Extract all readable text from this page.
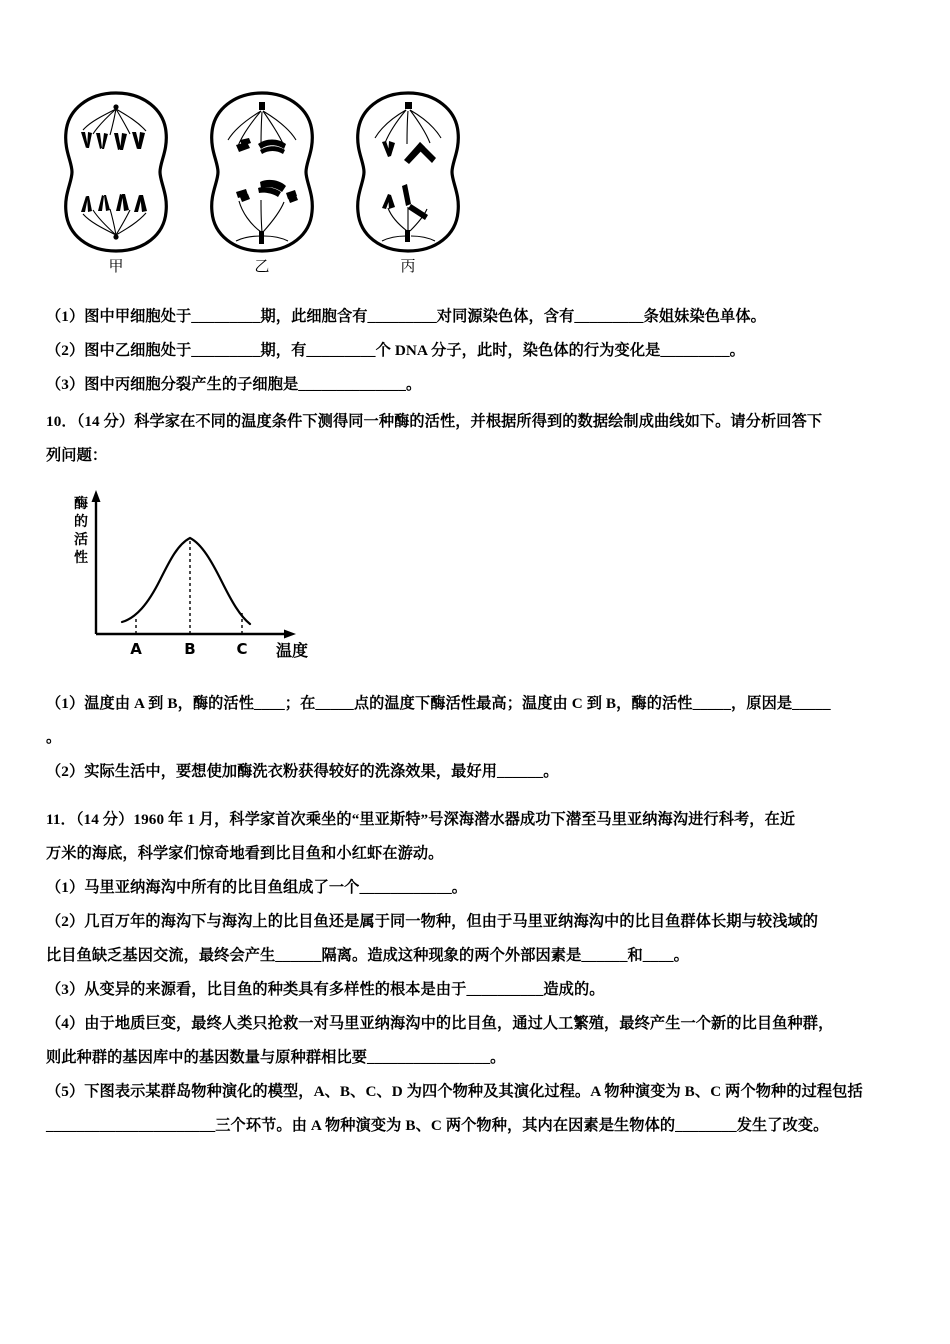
甲	乙	丙
（1）图中甲细胞处于_________期，此细胞含有_________对同源染色体，含有_________条姐妹染色单体。
（2）图中乙细胞处于_________期，有_________个 DNA 分子，此时，染色体的行为变化是_________。
（3）图中丙细胞分裂产生的子细胞是______________。
10．（14 分）科学家在不同的温度条件下测得同一种酶的活性，并根据所得到的数据绘制成曲线如下。请分析回答下
列问题：
酶
的
活
性
A	B	C 温度
（1）温度由 A 到 B，酶的活性____；在_____点的温度下酶活性最高；温度由 C 到 B，酶的活性_____，原因是_____
。
（2）实际生活中，要想使加酶洗衣粉获得较好的洗涤效果，最好用______。
11．（14 分）1960 年 1 月，科学家首次乘坐的“里亚斯特”号深海潜水器成功下潜至马里亚纳海沟进行科考，在近
万米的海底，科学家们惊奇地看到比目鱼和小红虾在游动。
（1）马里亚纳海沟中所有的比目鱼组成了一个____________。
（2）几百万年的海沟下与海沟上的比目鱼还是属于同一物种，但由于马里亚纳海沟中的比目鱼群体长期与较浅域的
比目鱼缺乏基因交流，最终会产生______隔离。造成这种现象的两个外部因素是______和____。
（3）从变异的来源看，比目鱼的种类具有多样性的根本是由于__________造成的。
（4）由于地质巨变，最终人类只抢救一对马里亚纳海沟中的比目鱼，通过人工繁殖，最终产生一个新的比目鱼种群，
则此种群的基因库中的基因数量与原种群相比要________________。
（5）下图表示某群岛物种演化的模型，A、B、C、D 为四个物种及其演化过程。A 物种演变为 B、C 两个物种的过程包括
______________________三个环节。由 A 物种演变为 B、C 两个物种，其内在因素是生物体的________发生了改变。
